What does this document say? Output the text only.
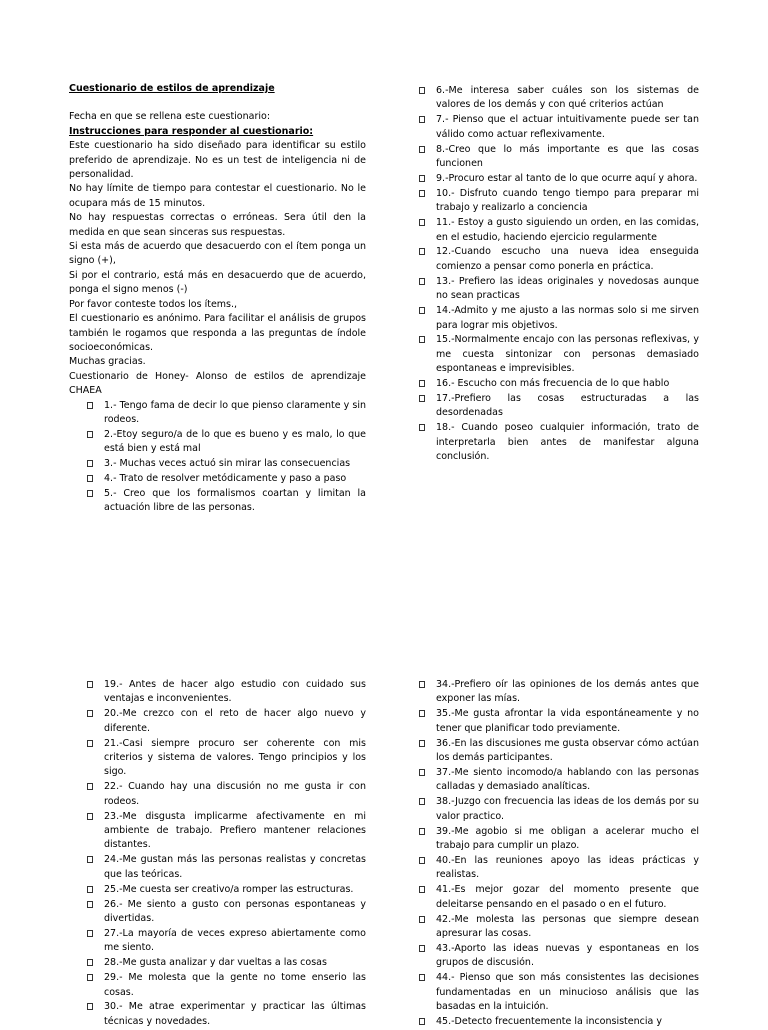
Cuestionario de estilos de aprendizaje
Fecha en que se rellena este cuestionario:
Instrucciones para responder al cuestionario:
Este cuestionario ha sido diseñado para identificar su estilo preferido de aprendizaje. No es un test de inteligencia ni de personalidad.
No hay límite de tiempo para contestar el cuestionario. No le ocupara más de 15 minutos.
No hay respuestas correctas o erróneas. Sera útil den la medida en que sean sinceras sus respuestas.
Si esta más de acuerdo que desacuerdo con el ítem ponga un signo (+),
Si por el contrario, está más en desacuerdo que de acuerdo, ponga el signo menos (-)
Por favor conteste todos los ítems.,
El cuestionario es anónimo. Para facilitar el análisis de grupos también le rogamos que responda a las preguntas de índole socioeconómicas.
Muchas gracias.
Cuestionario de Honey- Alonso de estilos de aprendizaje CHAEA
1.- Tengo fama de decir lo que pienso claramente y sin rodeos.
2.-Etoy seguro/a de lo que es bueno y es malo, lo que está bien y está mal
3.- Muchas veces actuó sin mirar las consecuencias
4.- Trato de resolver metódicamente y paso a paso
5.- Creo que los formalismos coartan y limitan la actuación libre de las personas.
6.-Me interesa saber cuáles son los sistemas de valores de los demás y con qué criterios actúan
7.- Pienso que el actuar intuitivamente puede ser tan válido como actuar reflexivamente.
8.-Creo que lo más importante es que las cosas funcionen
9.-Procuro estar al tanto de lo que ocurre aquí y ahora.
10.- Disfruto cuando tengo tiempo para preparar mi trabajo y realizarlo a conciencia
11.- Estoy a gusto siguiendo un orden, en las comidas, en el estudio, haciendo ejercicio regularmente
12.-Cuando escucho una nueva idea enseguida comienzo a pensar como ponerla en práctica.
13.- Prefiero las ideas originales y novedosas aunque no sean practicas
14.-Admito y me ajusto a las normas solo si me sirven para lograr mis objetivos.
15.-Normalmente encajo con las personas reflexivas, y me cuesta sintonizar con personas demasiado espontaneas e imprevisibles.
16.- Escucho con más frecuencia de lo que hablo
17.-Prefiero las cosas estructuradas a las desordenadas
18.- Cuando poseo cualquier información, trato de interpretarla bien antes de manifestar alguna conclusión.
19.- Antes de hacer algo estudio con cuidado sus ventajas e inconvenientes.
20.-Me crezco con el reto de hacer algo nuevo y diferente.
21.-Casi siempre procuro ser coherente con mis criterios y sistema de valores. Tengo principios y los sigo.
22.- Cuando hay una discusión no me gusta ir con rodeos.
23.-Me disgusta implicarme afectivamente en mi ambiente de trabajo. Prefiero mantener relaciones distantes.
24.-Me gustan más las personas realistas y concretas que las teóricas.
25.-Me cuesta ser creativo/a romper las estructuras.
26.- Me siento a gusto con personas espontaneas y divertidas.
27.-La mayoría de veces expreso abiertamente como me siento.
28.-Me gusta analizar y dar vueltas a las cosas
29.- Me molesta que la gente no tome enserio las cosas.
30.- Me atrae experimentar y practicar las últimas técnicas y novedades.
34.-Prefiero oír las opiniones de los demás antes que exponer las mías.
35.-Me gusta afrontar la vida espontáneamente y no tener que planificar todo previamente.
36.-En las discusiones me gusta observar cómo actúan los demás participantes.
37.-Me siento incomodo/a hablando con las personas calladas y demasiado analíticas.
38.-Juzgo con frecuencia las ideas de los demás por su valor practico.
39.-Me agobio si me obligan a acelerar mucho el trabajo para cumplir un plazo.
40.-En las reuniones apoyo las ideas prácticas y realistas.
41.-Es mejor gozar del momento presente que deleitarse pensando en el pasado o en el futuro.
42.-Me molesta las personas que siempre desean apresurar las cosas.
43.-Aporto las ideas nuevas y espontaneas en los grupos de discusión.
44.- Pienso que son más consistentes las decisiones fundamentadas en un minucioso análisis que las basadas en la intuición.
45.-Detecto frecuentemente la inconsistencia y
